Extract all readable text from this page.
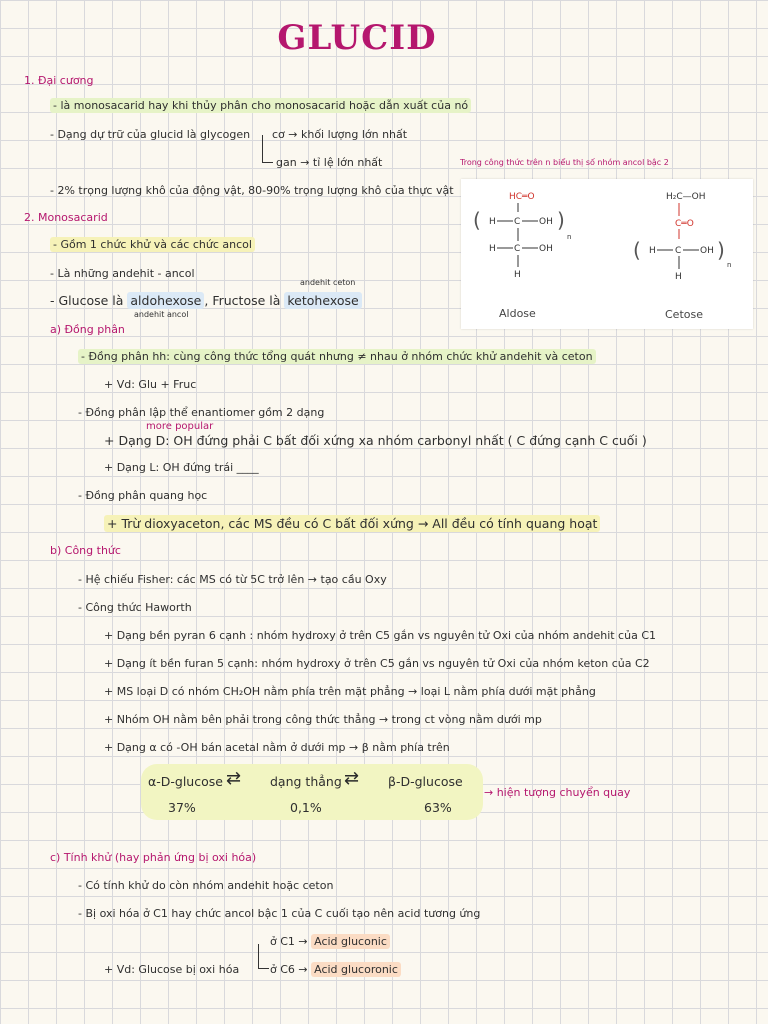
GLUCID
1. Đại cương
- là monosacarid hay khi thủy phân cho monosacarid hoặc dẫn xuất của nó
- Dạng dự trữ của glucid là glycogen cơ → khối lượng lớn nhất
gan → tỉ lệ lớn nhất
- 2% trọng lượng khô của động vật, 80-90% trọng lượng khô của thực vật
Trong công thức trên n biểu thị số nhóm ancol bậc 2
HC═O
( H C OH )
n
H C OH
H
Aldose
H₂C—OH
C═O
( H C OH )
n
H
Cetose
2. Monosacarid
- Gồm 1 chức khử và các chức ancol
- Là những andehit - ancol
andehit ceton
- Glucose là aldohexose , Fructose là ketohexose
andehit ancol
a) Đồng phân
- Đồng phân hh: cùng công thức tổng quát nhưng ≠ nhau ở nhóm chức khử andehit và ceton
+ Vd: Glu + Fruc
- Đồng phân lập thể enantiomer gồm 2 dạng
more popular
+ Dạng D: OH đứng phải C bất đối xứng xa nhóm carbonyl nhất ( C đứng cạnh C cuối )
+ Dạng L: OH đứng trái ____
- Đồng phân quang học
+ Trừ dioxyaceton, các MS đều có C bất đối xứng → All đều có tính quang hoạt
b) Công thức
- Hệ chiếu Fisher: các MS có từ 5C trở lên → tạo cầu Oxy
- Công thức Haworth
+ Dạng bền pyran 6 cạnh : nhóm hydroxy ở trên C5 gắn vs nguyên tử Oxi của nhóm andehit của C1
+ Dạng ít bền furan 5 cạnh: nhóm hydroxy ở trên C5 gắn vs nguyên tử Oxi của nhóm keton của C2
+ MS loại D có nhóm CH₂OH nằm phía trên mặt phẳng → loại L nằm phía dưới mặt phẳng
+ Nhóm OH nằm bên phải trong công thức thẳng → trong ct vòng nằm dưới mp
+ Dạng α có -OH bán acetal nằm ở dưới mp → β nằm phía trên
α-D-glucose ⇄ dạng thẳng ⇄ β-D-glucose
37%	0,1%	63%
→ hiện tượng chuyển quay
c) Tính khử (hay phản ứng bị oxi hóa)
- Có tính khử do còn nhóm andehit hoặc ceton
- Bị oxi hóa ở C1 hay chức ancol bậc 1 của C cuối tạo nên acid tương ứng
ở C1 → Acid gluconic
+ Vd: Glucose bị oxi hóa	ở C6 → Acid glucoronic
